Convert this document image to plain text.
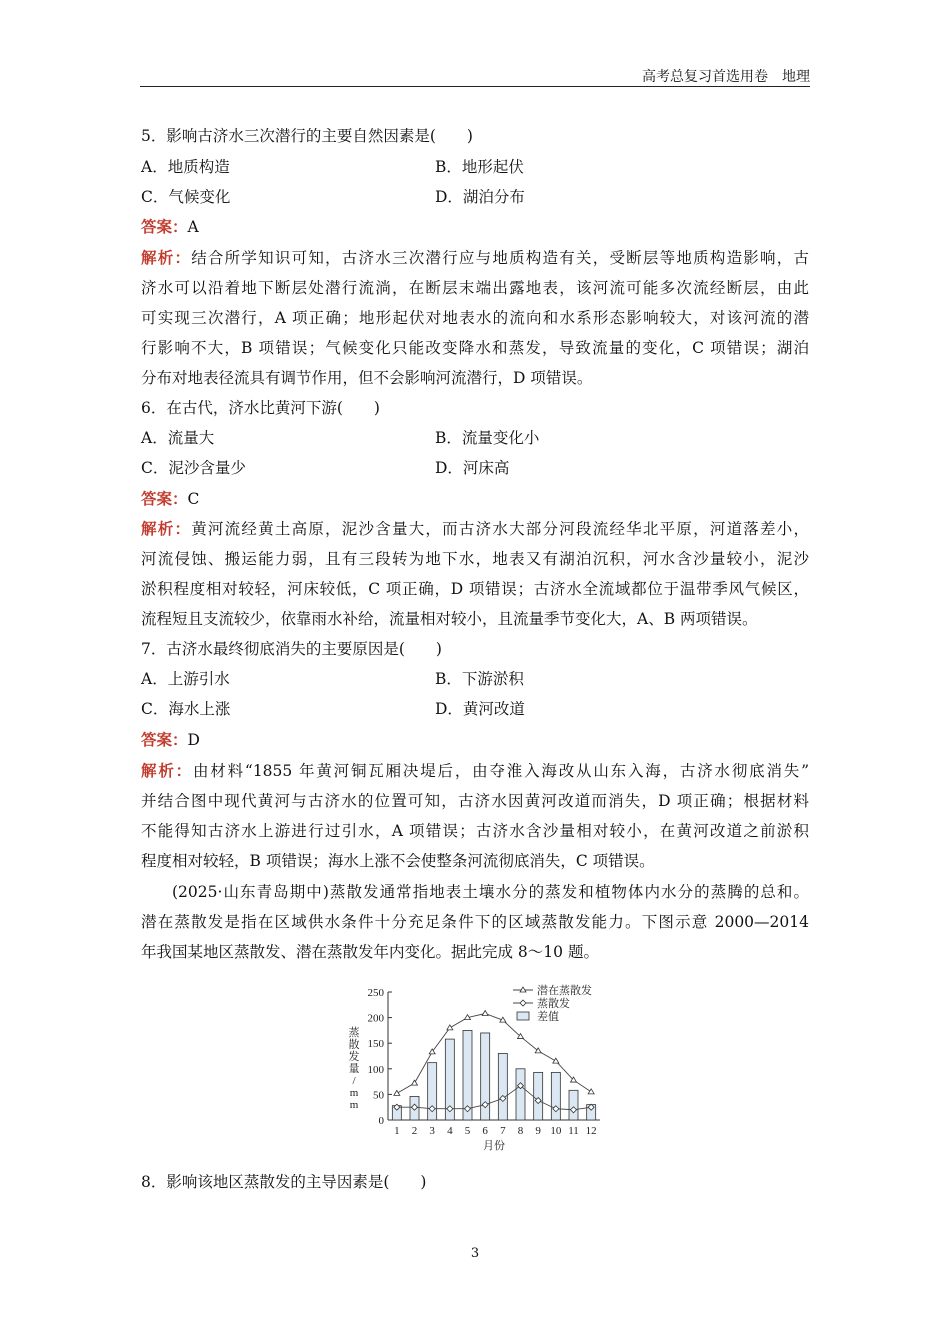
高考总复习首选用卷　地理
5．影响古济水三次潜行的主要自然因素是(　　)
A．地质构造	B．地形起伏
C．气候变化	D．湖泊分布
答案：A
解析：结合所学知识可知，古济水三次潜行应与地质构造有关，受断层等地质构造影响，古
济水可以沿着地下断层处潜行流淌，在断层末端出露地表，该河流可能多次流经断层，由此
可实现三次潜行，A 项正确；地形起伏对地表水的流向和水系形态影响较大，对该河流的潜
行影响不大，B 项错误；气候变化只能改变降水和蒸发，导致流量的变化，C 项错误；湖泊
分布对地表径流具有调节作用，但不会影响河流潜行，D 项错误。
6．在古代，济水比黄河下游(　　)
A．流量大	B．流量变化小
C．泥沙含量少	D．河床高
答案：C
解析：黄河流经黄土高原，泥沙含量大，而古济水大部分河段流经华北平原，河道落差小，
河流侵蚀、搬运能力弱，且有三段转为地下水，地表又有湖泊沉积，河水含沙量较小，泥沙
淤积程度相对较轻，河床较低，C 项正确，D 项错误；古济水全流域都位于温带季风气候区，
流程短且支流较少，依靠雨水补给，流量相对较小，且流量季节变化大，A、B 两项错误。
7．古济水最终彻底消失的主要原因是(　　)
A．上游引水	B．下游淤积
C．海水上涨	D．黄河改道
答案：D
解析：由材料“1855 年黄河铜瓦厢决堤后，由夺淮入海改从山东入海，古济水彻底消失”
并结合图中现代黄河与古济水的位置可知，古济水因黄河改道而消失，D 项正确；根据材料
不能得知古济水上游进行过引水，A 项错误；古济水含沙量相对较小，在黄河改道之前淤积
程度相对较轻，B 项错误；海水上涨不会使整条河流彻底消失，C 项错误。
(2025·山东青岛期中)蒸散发通常指地表土壤水分的蒸发和植物体内水分的蒸腾的总和。
潜在蒸散发是指在区域供水条件十分充足条件下的区域蒸散发能力。下图示意 2000—2014
年我国某地区蒸散发、潜在蒸散发年内变化。据此完成 8～10 题。
0
50
100
150
200
250
蒸
散
发
量
/
m
m
1 2 3 4 5 6 7 8 9 10 11 12
月份
潜在蒸散发
蒸散发
差值
8．影响该地区蒸散发的主导因素是(　　)
3
